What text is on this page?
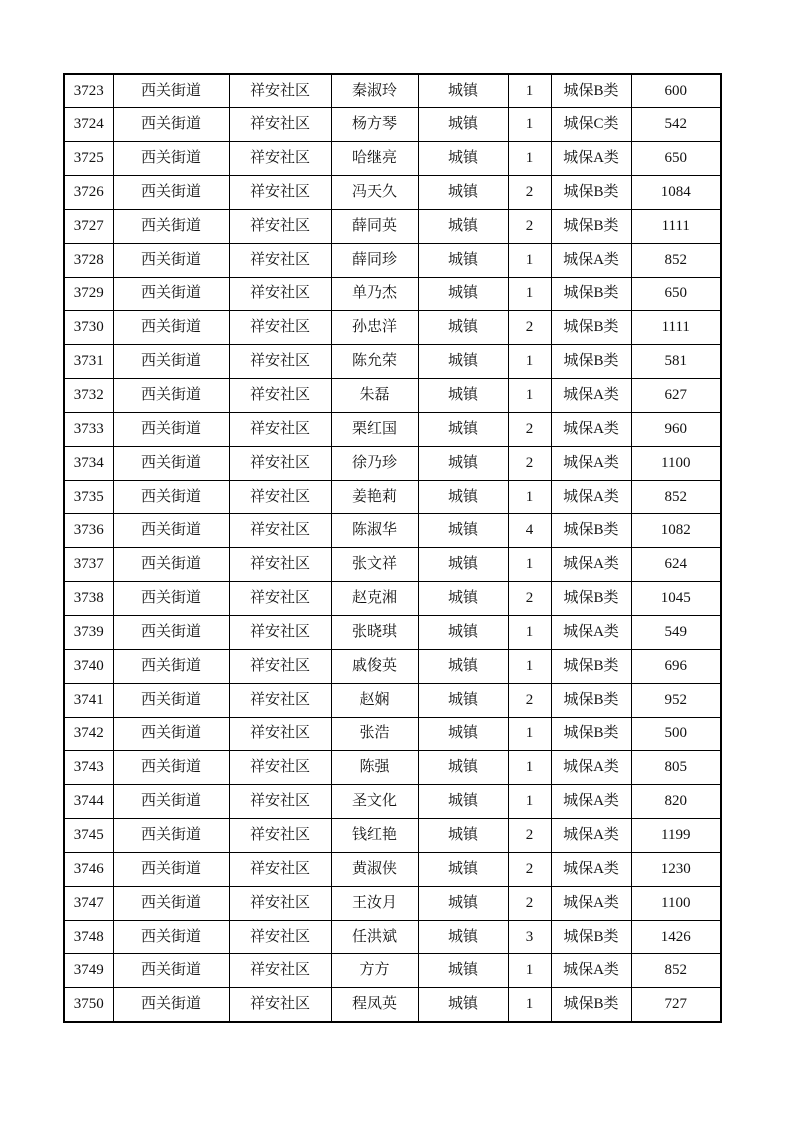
3723	西关街道	祥安社区	秦淑玲	城镇	1	城保B类	600
3724	西关街道	祥安社区	杨方琴	城镇	1	城保C类	542
3725	西关街道	祥安社区	哈继亮	城镇	1	城保A类	650
3726	西关街道	祥安社区	冯天久	城镇	2	城保B类	1084
3727	西关街道	祥安社区	薛同英	城镇	2	城保B类	1111
3728	西关街道	祥安社区	薛同珍	城镇	1	城保A类	852
3729	西关街道	祥安社区	单乃杰	城镇	1	城保B类	650
3730	西关街道	祥安社区	孙忠洋	城镇	2	城保B类	1111
3731	西关街道	祥安社区	陈允荣	城镇	1	城保B类	581
3732	西关街道	祥安社区	朱磊	城镇	1	城保A类	627
3733	西关街道	祥安社区	栗红国	城镇	2	城保A类	960
3734	西关街道	祥安社区	徐乃珍	城镇	2	城保A类	1100
3735	西关街道	祥安社区	姜艳莉	城镇	1	城保A类	852
3736	西关街道	祥安社区	陈淑华	城镇	4	城保B类	1082
3737	西关街道	祥安社区	张文祥	城镇	1	城保A类	624
3738	西关街道	祥安社区	赵克湘	城镇	2	城保B类	1045
3739	西关街道	祥安社区	张晓琪	城镇	1	城保A类	549
3740	西关街道	祥安社区	戚俊英	城镇	1	城保B类	696
3741	西关街道	祥安社区	赵娴	城镇	2	城保B类	952
3742	西关街道	祥安社区	张浩	城镇	1	城保B类	500
3743	西关街道	祥安社区	陈强	城镇	1	城保A类	805
3744	西关街道	祥安社区	圣文化	城镇	1	城保A类	820
3745	西关街道	祥安社区	钱红艳	城镇	2	城保A类	1199
3746	西关街道	祥安社区	黄淑侠	城镇	2	城保A类	1230
3747	西关街道	祥安社区	王汝月	城镇	2	城保A类	1100
3748	西关街道	祥安社区	任洪斌	城镇	3	城保B类	1426
3749	西关街道	祥安社区	方方	城镇	1	城保A类	852
3750	西关街道	祥安社区	程凤英	城镇	1	城保B类	727
